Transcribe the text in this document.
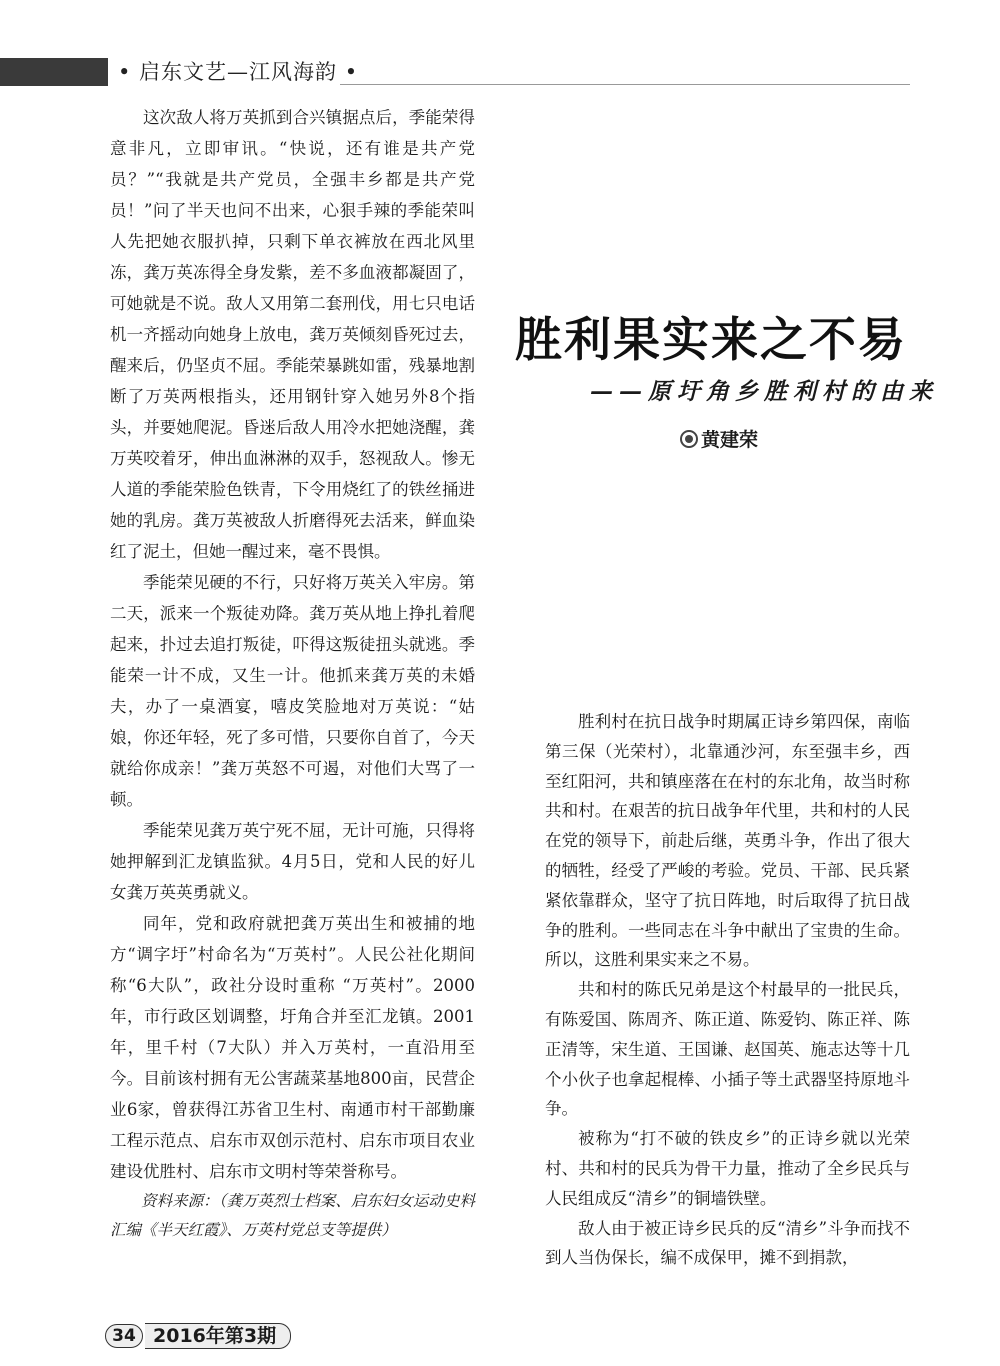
• 启东文艺—江风海韵 •

这次敌人将万英抓到合兴镇据点后，季能荣得意非凡，立即审讯。“快说，还有谁是共产党员？”“我就是共产党员，全强丰乡都是共产党员！”问了半天也问不出来，心狠手辣的季能荣叫人先把她衣服扒掉，只剩下单衣裤放在西北风里冻，龚万英冻得全身发紫，差不多血液都凝固了，可她就是不说。敌人又用第二套刑伐，用七只电话机一齐摇动向她身上放电，龚万英倾刻昏死过去，醒来后，仍坚贞不屈。季能荣暴跳如雷，残暴地割断了万英两根指头，还用钢针穿入她另外8个指头，并要她爬泥。昏迷后敌人用冷水把她浇醒，龚万英咬着牙，伸出血淋淋的双手，怒视敌人。惨无人道的季能荣脸色铁青，下令用烧红了的铁丝捅进她的乳房。龚万英被敌人折磨得死去活来，鲜血染红了泥土，但她一醒过来，毫不畏惧。

季能荣见硬的不行，只好将万英关入牢房。第二天，派来一个叛徒劝降。龚万英从地上挣扎着爬起来，扑过去追打叛徒，吓得这叛徒扭头就逃。季能荣一计不成，又生一计。他抓来龚万英的未婚夫，办了一桌酒宴，嘻皮笑脸地对万英说：“姑娘，你还年轻，死了多可惜，只要你自首了，今天就给你成亲！”龚万英怒不可遏，对他们大骂了一顿。

季能荣见龚万英宁死不屈，无计可施，只得将她押解到汇龙镇监狱。4月5日，党和人民的好儿女龚万英英勇就义。

同年，党和政府就把龚万英出生和被捕的地方“调字圩”村命名为“万英村”。人民公社化期间称“6大队”，政社分设时重称 “万英村”。2000年，市行政区划调整，圩角合并至汇龙镇。2001年，里千村（7大队）并入万英村，一直沿用至今。目前该村拥有无公害蔬菜基地800亩，民营企业6家，曾获得江苏省卫生村、南通市村干部勤廉工程示范点、启东市双创示范村、启东市项目农业建设优胜村、启东市文明村等荣誉称号。

资料来源：（龚万英烈士档案、启东妇女运动史料汇编《半天红霞》、万英村党总支等提供）

胜利果实来之不易
——原圩角乡胜利村的由来
黄建荣

胜利村在抗日战争时期属正诗乡第四保，南临第三保（光荣村），北靠通沙河，东至强丰乡，西至红阳河，共和镇座落在在村的东北角，故当时称共和村。在艰苦的抗日战争年代里，共和村的人民在党的领导下，前赴后继，英勇斗争，作出了很大的牺牲，经受了严峻的考验。党员、干部、民兵紧紧依靠群众，坚守了抗日阵地，时后取得了抗日战争的胜利。一些同志在斗争中献出了宝贵的生命。所以，这胜利果实来之不易。

共和村的陈氏兄弟是这个村最早的一批民兵，有陈爱国、陈周齐、陈正道、陈爱钧、陈正祥、陈正清等，宋生道、王国谦、赵国英、施志达等十几个小伙子也拿起棍棒、小插子等土武器坚持原地斗争。

被称为“打不破的铁皮乡”的正诗乡就以光荣村、共和村的民兵为骨干力量，推动了全乡民兵与人民组成反“清乡”的铜墙铁壁。

敌人由于被正诗乡民兵的反“清乡”斗争而找不到人当伪保长，编不成保甲，摊不到捐款，

34 2016年第3期
